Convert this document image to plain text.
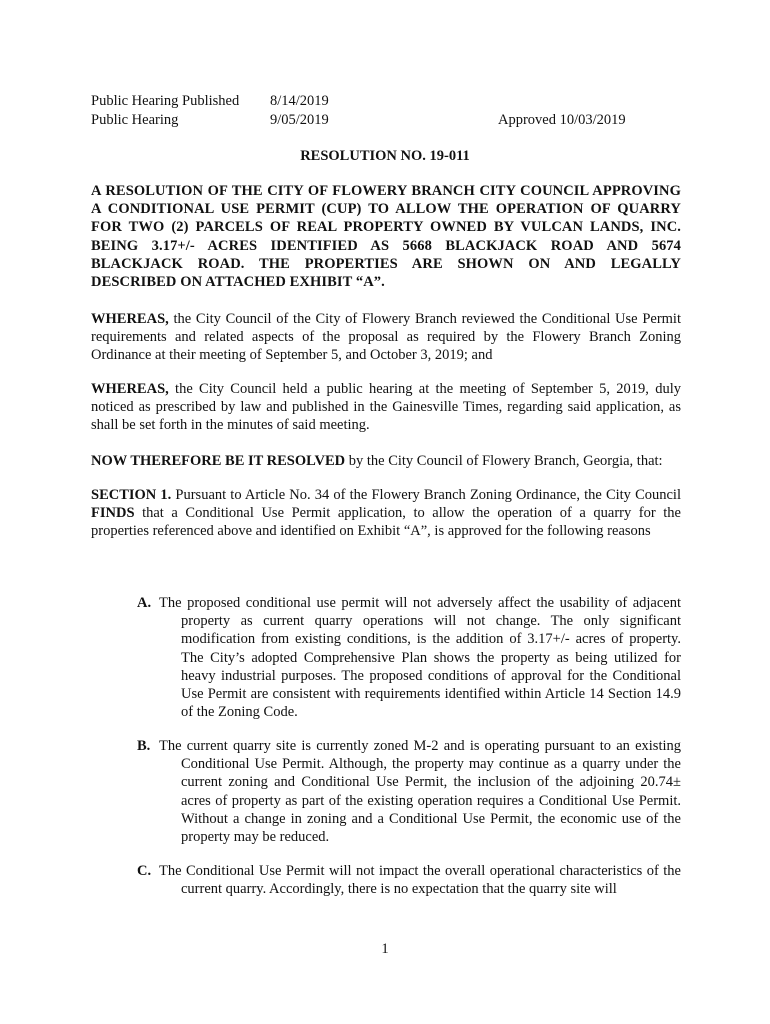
Public Hearing Published 8/14/2019
Public Hearing	9/05/2019	Approved 10/03/2019
RESOLUTION NO. 19-011
A RESOLUTION OF THE CITY OF FLOWERY BRANCH CITY COUNCIL APPROVING A CONDITIONAL USE PERMIT (CUP) TO ALLOW THE OPERATION OF QUARRY FOR TWO (2) PARCELS OF REAL PROPERTY OWNED BY VULCAN LANDS, INC. BEING 3.17+/- ACRES IDENTIFIED AS 5668 BLACKJACK ROAD AND 5674 BLACKJACK ROAD. THE PROPERTIES ARE SHOWN ON AND LEGALLY DESCRIBED ON ATTACHED EXHIBIT “A”.
WHEREAS, the City Council of the City of Flowery Branch reviewed the Conditional Use Permit requirements and related aspects of the proposal as required by the Flowery Branch Zoning Ordinance at their meeting of September 5, and October 3, 2019; and
WHEREAS, the City Council held a public hearing at the meeting of September 5, 2019, duly noticed as prescribed by law and published in the Gainesville Times, regarding said application, as shall be set forth in the minutes of said meeting.
NOW THEREFORE BE IT RESOLVED by the City Council of Flowery Branch, Georgia, that:
SECTION 1. Pursuant to Article No. 34 of the Flowery Branch Zoning Ordinance, the City Council FINDS that a Conditional Use Permit application, to allow the operation of a quarry for the properties referenced above and identified on Exhibit “A”, is approved for the following reasons
A. The proposed conditional use permit will not adversely affect the usability of adjacent property as current quarry operations will not change. The only significant modification from existing conditions, is the addition of 3.17+/- acres of property. The City’s adopted Comprehensive Plan shows the property as being utilized for heavy industrial purposes. The proposed conditions of approval for the Conditional Use Permit are consistent with requirements identified within Article 14 Section 14.9 of the Zoning Code.
B. The current quarry site is currently zoned M-2 and is operating pursuant to an existing Conditional Use Permit. Although, the property may continue as a quarry under the current zoning and Conditional Use Permit, the inclusion of the adjoining 20.74± acres of property as part of the existing operation requires a Conditional Use Permit. Without a change in zoning and a Conditional Use Permit, the economic use of the property may be reduced.
C. The Conditional Use Permit will not impact the overall operational characteristics of the current quarry. Accordingly, there is no expectation that the quarry site will
1
